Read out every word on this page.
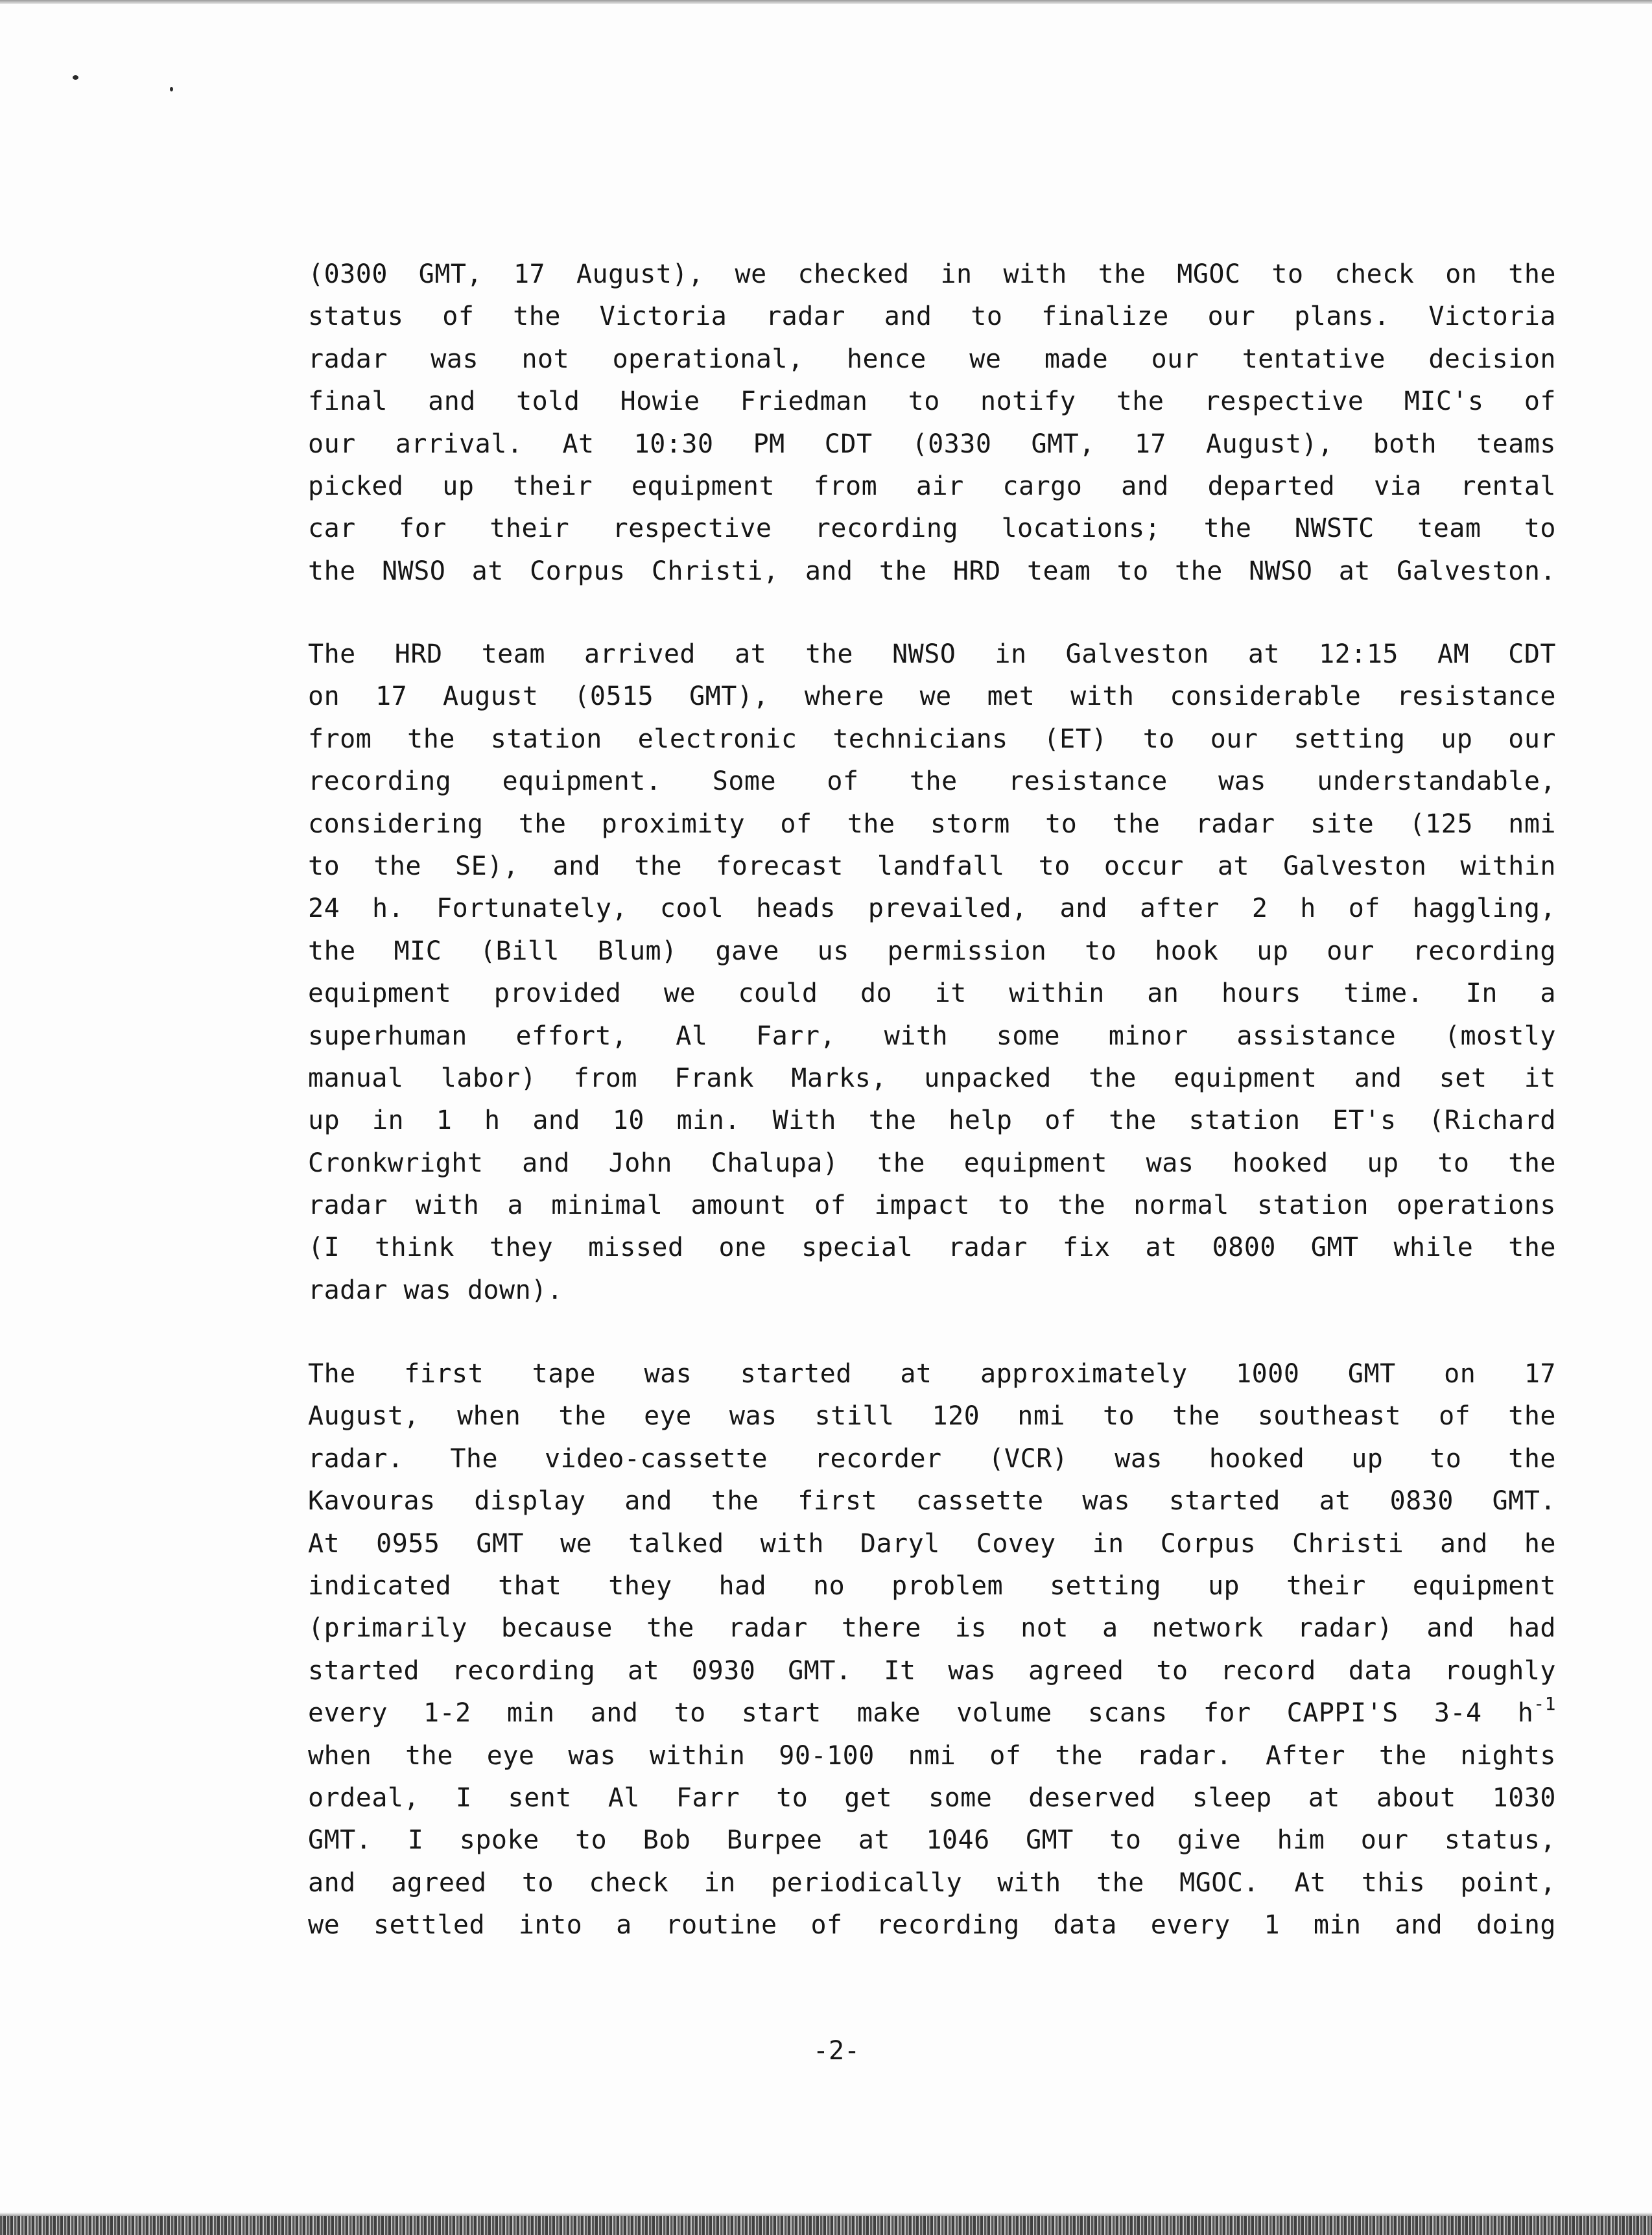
(0300 GMT, 17 August), we checked in with the MGOC to check on the
status of the Victoria radar and to finalize our plans. Victoria
radar was not operational, hence we made our tentative decision
final and told Howie Friedman to notify the respective MIC's of
our arrival. At 10:30 PM CDT (0330 GMT, 17 August), both teams
picked up their equipment from air cargo and departed via rental
car for their respective recording locations; the NWSTC team to
the NWSO at Corpus Christi, and the HRD team to the NWSO at Galveston.
The HRD team arrived at the NWSO in Galveston at 12:15 AM CDT
on 17 August (0515 GMT), where we met with considerable resistance
from the station electronic technicians (ET) to our setting up our
recording equipment. Some of the resistance was understandable,
considering the proximity of the storm to the radar site (125 nmi
to the SE), and the forecast landfall to occur at Galveston within
24 h. Fortunately, cool heads prevailed, and after 2 h of haggling,
the MIC (Bill Blum) gave us permission to hook up our recording
equipment provided we could do it within an hours time. In a
superhuman effort, Al Farr, with some minor assistance (mostly
manual labor) from Frank Marks, unpacked the equipment and set it
up in 1 h and 10 min. With the help of the station ET's (Richard
Cronkwright and John Chalupa) the equipment was hooked up to the
radar with a minimal amount of impact to the normal station operations
(I think they missed one special radar fix at 0800 GMT while the
radar was down).
The first tape was started at approximately 1000 GMT on 17
August, when the eye was still 120 nmi to the southeast of the
radar. The video-cassette recorder (VCR) was hooked up to the
Kavouras display and the first cassette was started at 0830 GMT.
At 0955 GMT we talked with Daryl Covey in Corpus Christi and he
indicated that they had no problem setting up their equipment
(primarily because the radar there is not a network radar) and had
started recording at 0930 GMT. It was agreed to record data roughly
every 1-2 min and to start make volume scans for CAPPI'S 3-4 $h^{-1}$
when the eye was within 90-100 nmi of the radar. After the nights
ordeal, I sent Al Farr to get some deserved sleep at about 1030
GMT. I spoke to Bob Burpee at 1046 GMT to give him our status,
and agreed to check in periodically with the MGOC. At this point,
we settled into a routine of recording data every 1 min and doing
-2-
